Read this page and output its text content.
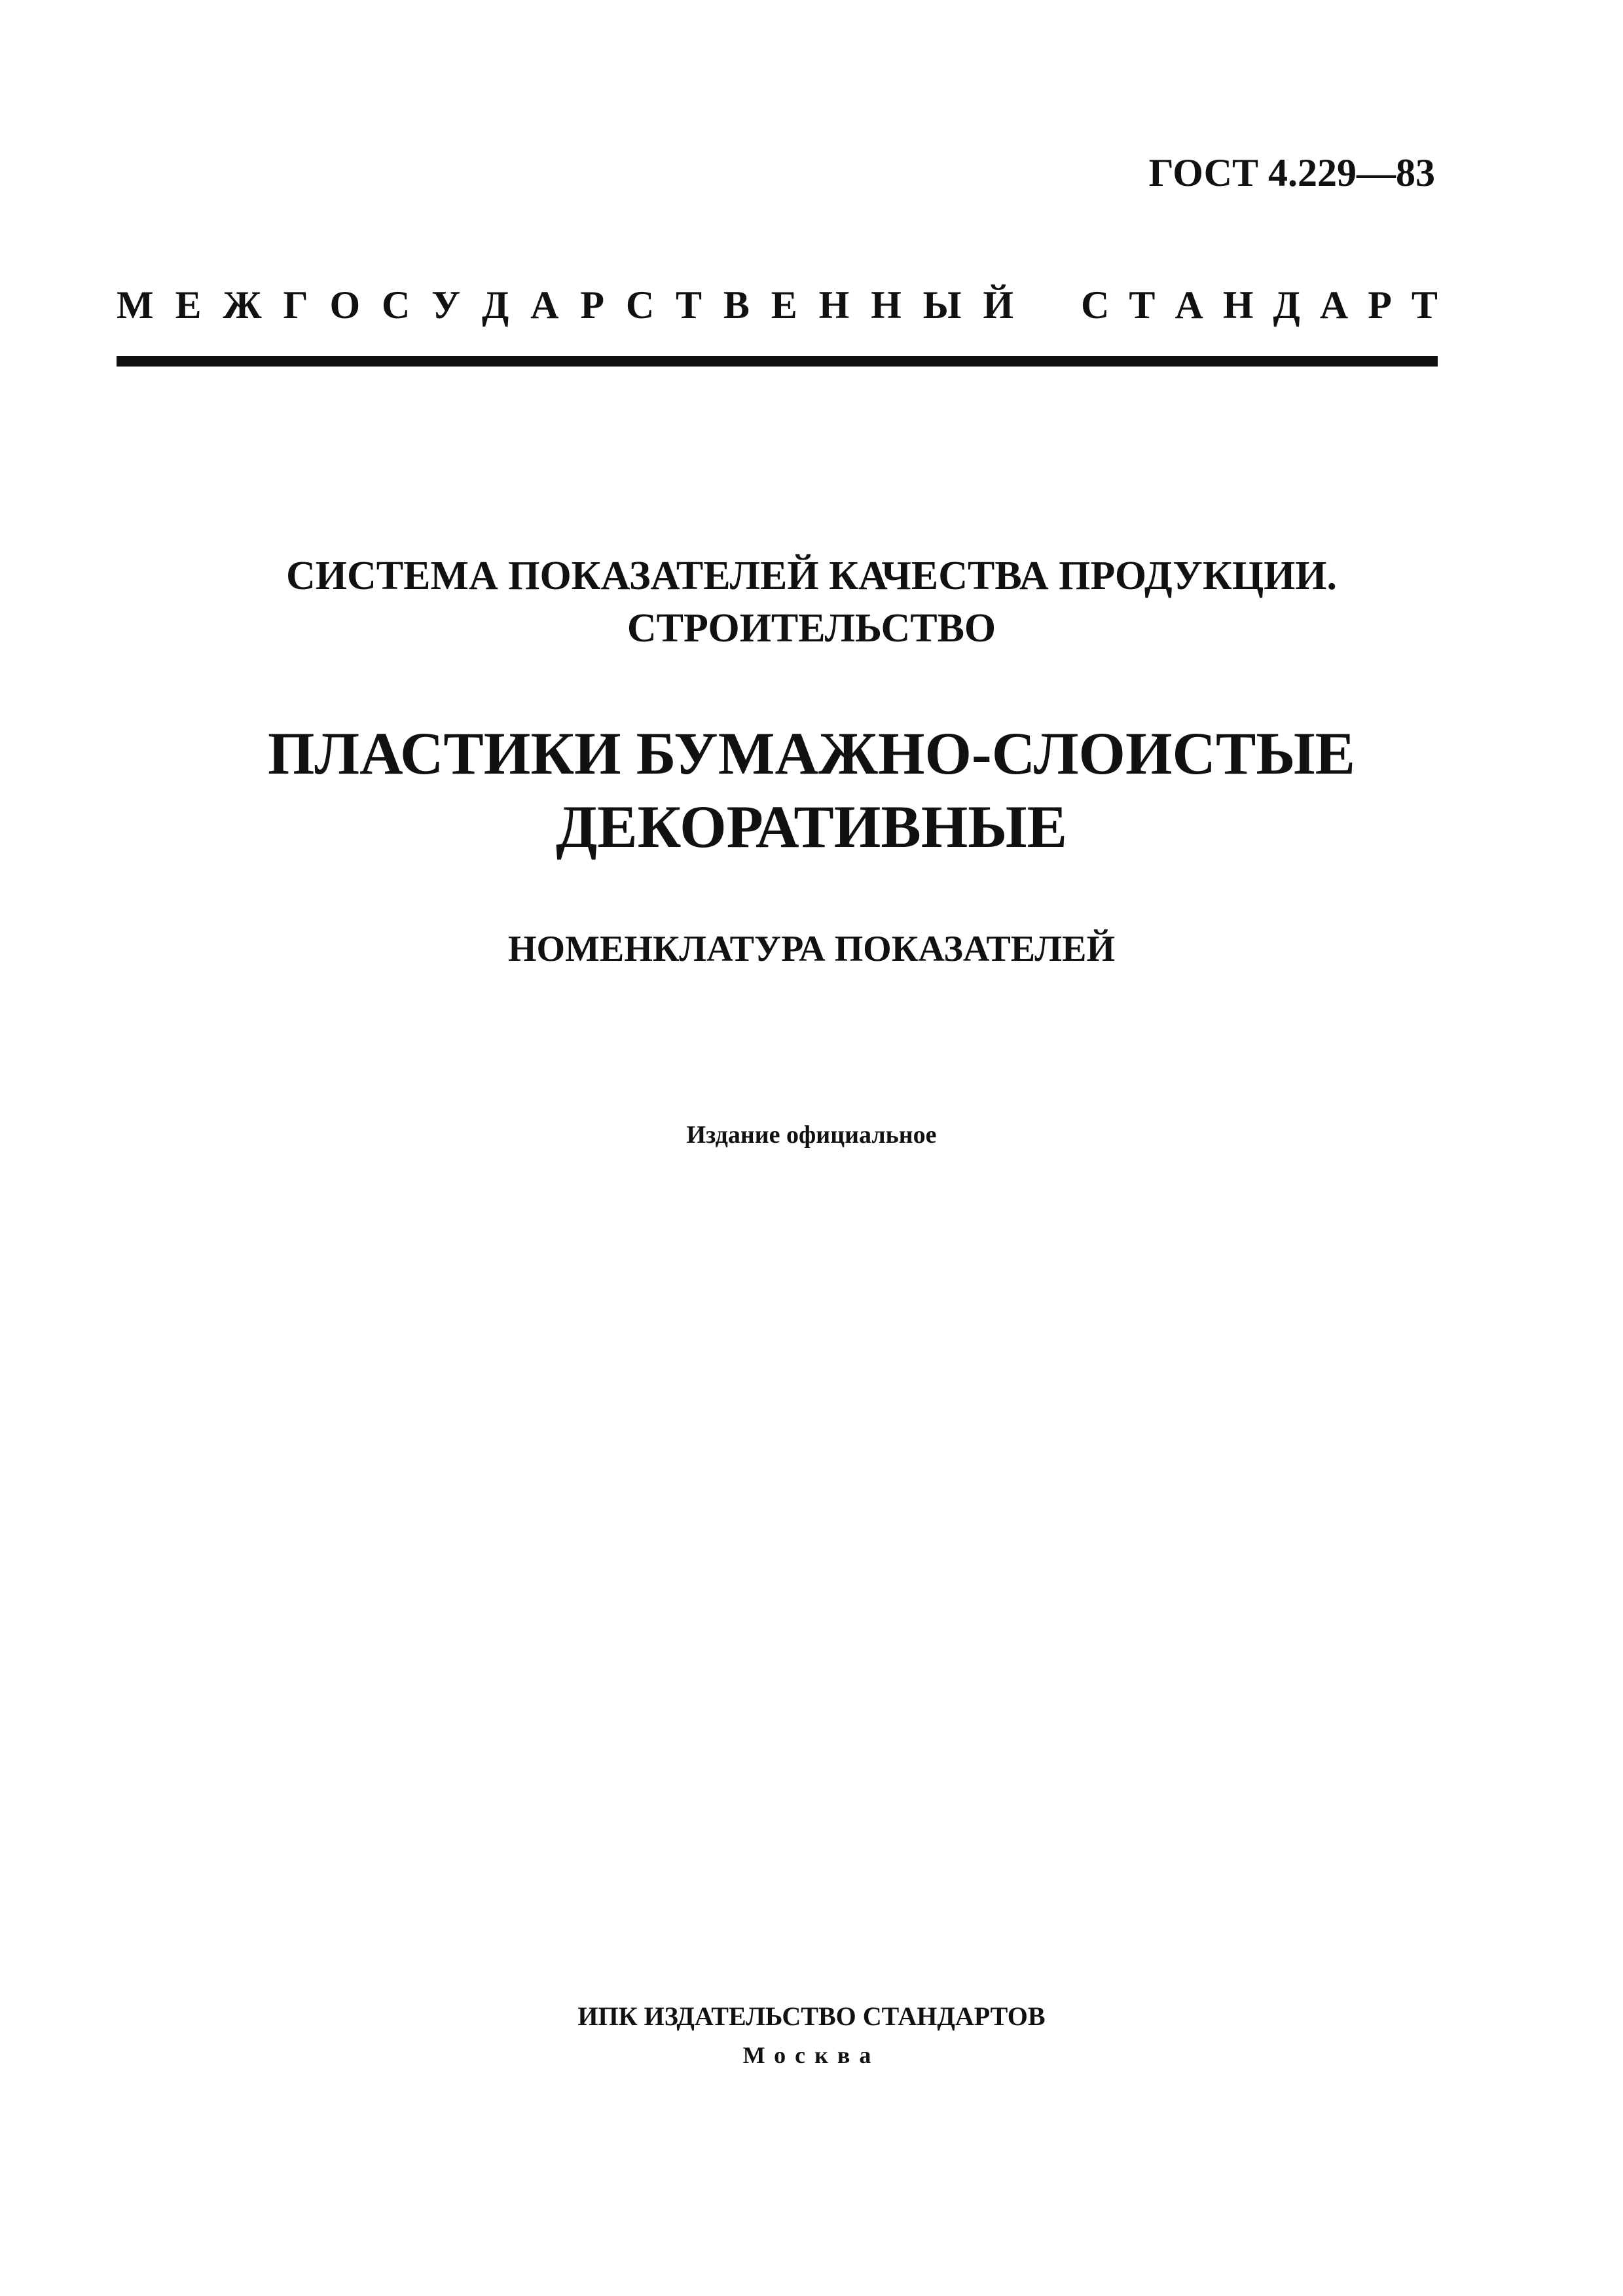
ГОСТ 4.229—83
М Е Ж Г О С У Д А Р С Т В Е Н Н Ы Й С Т А Н Д А Р Т
СИСТЕМА ПОКАЗАТЕЛЕЙ КАЧЕСТВА ПРОДУКЦИИ.
СТРОИТЕЛЬСТВО
ПЛАСТИКИ БУМАЖНО-СЛОИСТЫЕ
ДЕКОРАТИВНЫЕ
НОМЕНКЛАТУРА ПОКАЗАТЕЛЕЙ
Издание официальное
ИПК ИЗДАТЕЛЬСТВО СТАНДАРТОВ
Москва
